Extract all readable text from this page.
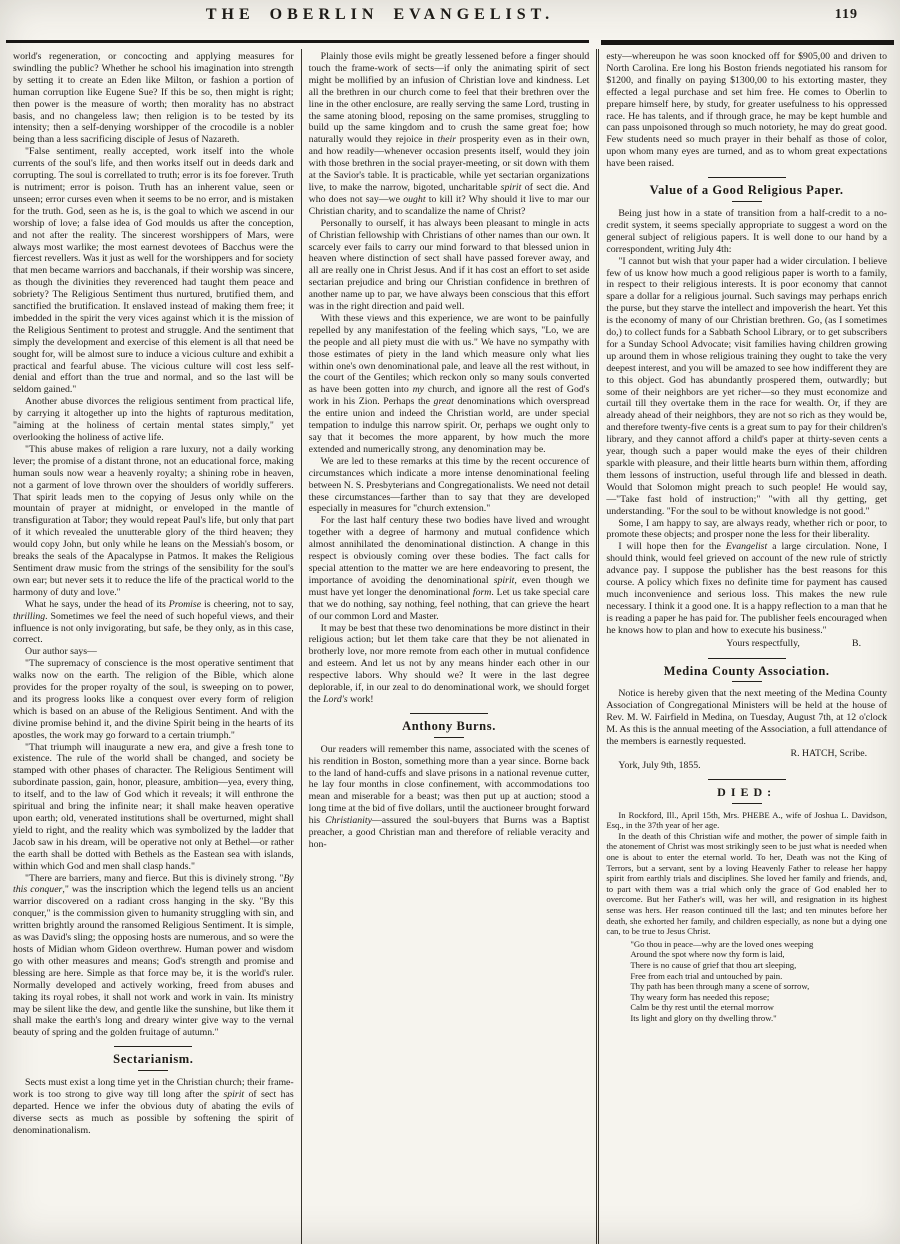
THE OBERLIN EVANGELIST.	119

world's regeneration, or concocting and applying measures for swindling the public? Whether he school his imagination into strength by setting it to create an Eden like Milton, or fashion a portion of human corruption like Eugene Sue? If this be so, then might is right; then power is the measure of worth; then morality has no abstract basis, and no changeless law; then religion is to be tested by its intensity; then a self-denying worshipper of the crocodile is a nobler being than a less sacrificing disciple of Jesus of Nazareth.

"False sentiment, really accepted, work itself into the whole currents of the soul's life, and then works itself out in deeds dark and corrupting. The soul is correllated to truth; error is its foe forever. Truth is nutriment; error is poison. Truth has an inherent value, seen or unseen; error curses even when it seems to be no error, and is mistaken for the truth. God, seen as he is, is the goal to which we ascend in our worship of love; a false idea of God moulds us after the conception, and not after the reality. The sincerest worshippers of Mars, were always most warlike; the most earnest devotees of Bacchus were the fiercest revellers. Was it just as well for the worshippers and for society that men became warriors and bacchanals, if their worship was sincere, as though the divinities they reverenced had taught them peace and sobriety? The Religious Sentiment thus nurtured, brutified them, and sanctified the brutification. It enslaved instead of making them free; it imbedded in the spirit the very vices against which it is the mission of the Religious Sentiment to protest and struggle. And the sentiment that simply the development and exercise of this element is all that need be sought for, will be almost sure to induce a vicious culture and exhibit a practical and fearful abuse. The vicious culture will cost less self-denial and effort than the true and normal, and so the last will be seldom gained."

Another abuse divorces the religious sentiment from practical life, by carrying it altogether up into the hights of rapturous meditation, "aiming at the holiness of certain mental states simply," yet overlooking the holiness of active life.

"This abuse makes of religion a rare luxury, not a daily working lever; the promise of a distant throne, not an educational force, making human souls now wear a heavenly royalty; a shining robe in heaven, not a garment of love thrown over the shoulders of worldly sufferers. That spirit leads men to the copying of Jesus only while on the mountain of prayer at midnight, or enveloped in the mantle of transfiguration at Tabor; they would repeat Paul's life, but only that part of it which revealed the unutterable glory of the third heaven; they would copy John, but only while he leans on the Messiah's bosom, or breaks the seals of the Apacalypse in Patmos. It makes the Religious Sentiment draw music from the strings of the sensibility for the soul's own ear; but never sets it to reduce the life of the practical world to the harmony of duty and love."

What he says, under the head of its Promise is cheering, not to say, thrilling. Sometimes we feel the need of such hopeful views, and their influence is not only invigorating, but safe, be they only, as in this case, correct.

Our author says—

"The supremacy of conscience is the most operative sentiment that walks now on the earth. The religion of the Bible, which alone provides for the proper royalty of the soul, is sweeping on to power, and its progress looks like a conquest over every form of religion which is based on an abuse of the Religious Sentiment. And with the divine promise behind it, and the divine Spirit being in the hearts of its apostles, the work may go forward to a certain triumph."

"That triumph will inaugurate a new era, and give a fresh tone to existence. The rule of the world shall be changed, and society be stamped with other phases of character. The Religious Sentiment will subordinate passion, gain, honor, pleasure, ambition—yea, every thing, to itself, and to the law of God which it reveals; it will enthrone the spiritual and bring the infinite near; it shall make heaven operative upon earth; old, venerated institutions shall be overturned, might shall yield to right, and the reality which was symbolized by the ladder that Jacob saw in his dream, will be operative not only at Bethel—or rather the earth shall be dotted with Bethels as the Eastean sea with islands, within which God and men shall clasp hands."

"There are barriers, many and fierce. But this is divinely strong. "By this conquer," was the inscription which the legend tells us an ancient warrior discovered on a radiant cross hanging in the sky. "By this conquer," is the commission given to humanity struggling with sin, and written brightly around the ransomed Religious Sentiment. It is simple, as was David's sling; the opposing hosts are numerous, and so were the hosts of Midian whom Gideon overthrew. Human power and wisdom go with other measures and means; God's strength and promise and blessing are here. Simple as that force may be, it is the world's ruler. Normally developed and actively working, freed from abuses and taking its royal robes, it shall not work and work in vain. Its ministry may be silent like the dew, and gentle like the sunshine, but like them it shall make the earth's long and dreary winter give way to the vernal beauty of spring and the golden fruitage of autumn."

Sectarianism.

Sects must exist a long time yet in the Christian church; their frame-work is too strong to give way till long after the spirit of sect has departed. Hence we infer the obvious duty of abating the evils of diverse sects as much as possible by softening the spirit of denominationalism.

Plainly those evils might be greatly lessened before a finger should touch the frame-work of sects—if only the animating spirit of sect might be mollified by an infusion of Christian love and kindness. Let all the brethren in our church come to feel that their brethren over the line in the other enclosure, are really serving the same Lord, trusting in the same atoning blood, reposing on the same promises, struggling to build up the same kingdom and to crush the same great foe; how naturally would they rejoice in their prosperity even as in their own, and how readily—whenever occasion presents itself, would they join with those brethren in the social prayer-meeting, or sit down with them at the Savior's table. It is practicable, while yet sectarian organizations live, to make the narrow, bigoted, uncharitable spirit of sect die. And who does not say—we ought to kill it? Why should it live to mar our Christian charity, and to scandalize the name of Christ?

Personally to ourself, it has always been pleasant to mingle in acts of Christian fellowship with Christians of other names than our own. It scarcely ever fails to carry our mind forward to that blessed union in heaven where distinction of sect shall have passed forever away, and all are really one in Christ Jesus. And if it has cost an effort to set aside sectarian prejudice and bring our Christian confidence in brethren of another name up to par, we have always been conscious that this effort was in the right direction and paid well.

With these views and this experience, we are wont to be painfully repelled by any manifestation of the feeling which says, "Lo, we are the people and all piety must die with us." We have no sympathy with those estimates of piety in the land which measure only what lies within one's own denominational pale, and leave all the rest without, in the court of the Gentiles; which reckon only so many souls converted as have been gotten into my church, and ignore all the rest of God's work in his Zion. Perhaps the great denominations which overspread the entire union and indeed the Christian world, are under special tempation to indulge this narrow spirit. Or, perhaps we ought only to say that it becomes the more apparent, by how much the more extended and numerically strong, any denomination may be.

We are led to these remarks at this time by the recent occurence of circumstances which indicate a more intense denominational feeling between N. S. Presbyterians and Congregationalists. We need not detail these circumstances—farther than to say that they are developed especially in measures for "church extension."

For the last half century these two bodies have lived and wrought together with a degree of harmony and mutual confidence which almost annihilated the denominational distinction. A change in this respect is obviously coming over these bodies. The fact calls for special attention to the matter we are here endeavoring to present, the importance of avoiding the denominational spirit, even though we must have yet longer the denominational form. Let us take special care that we do nothing, say nothing, feel nothing, that can grieve the heart of our common Lord and Master.

It may be best that these two denominations be more distinct in their religious action; but let them take care that they be not alienated in brotherly love, nor more remote from each other in mutual confidence and esteem. And let us not by any means hinder each other in our respective labors. Why should we? It were in the last degree deplorable, if, in our zeal to do denominational work, we should forget the Lord's work!

Anthony Burns.

Our readers will remember this name, associated with the scenes of his rendition in Boston, something more than a year since. Borne back to the land of hand-cuffs and slave prisons in a national revenue cutter, he lay four months in close confinement, with accommodations too mean and miserable for a beast; was then put up at auction; stood a long time at the bid of five dollars, until the auctioneer brought forward his Christianity—assured the soul-buyers that Burns was a Baptist preacher, a good Christian man and therefore of reliable veracity and hon-

esty—whereupon he was soon knocked off for $905,00 and driven to North Carolina. Ere long his Boston friends negotiated his ransom for $1200, and finally on paying $1300,00 to his extorting master, they effected a legal purchase and set him free. He comes to Oberlin to prepare himself here, by study, for greater usefulness to his oppressed race. He has talents, and if through grace, he may be kept humble and can pass unpoisoned through so much notoriety, he may do great good. Few students need so much prayer in their behalf as those of color, upon whom many eyes are turned, and as to whom great expectations have been raised.

Value of a Good Religious Paper.

Being just how in a state of transition from a half-credit to a no-credit system, it seems specially appropriate to suggest a word on the general subject of religious papers. It is well done to our hand by a correspondent, writing July 4th:

"I cannot but wish that your paper had a wider circulation. I believe few of us know how much a good religious paper is worth to a family, in respect to their religious interests. It is poor economy that cannot spare a dollar for a religious journal. Such savings may perhaps enrich the purse, but they starve the intellect and impoverish the heart. Yet this is the economy of many of our Christian brethren. Go, (as I sometimes do,) to collect funds for a Sabbath School Library, or to get subscribers for a Sunday School Advocate; visit families having children growing up around them in whose religious training they ought to take the very deepest interest, and you will be amazed to see how indifferent they are to this object. God has abundantly prospered them, outwardly; but some of their neighbors are yet richer—so they must economize and curtail till they overtake them in the race for wealth. Or, if they are already ahead of their neighbors, they are not so rich as they would be, and therefore twenty-five cents is a great sum to pay for their children's library, and they cannot afford a child's paper at thirty-seven cents a year, though such a paper would make the eyes of their children sparkle with pleasure, and their little hearts burn within them, affording them lessons of instruction, useful through life and blessed in death. Would that Solomon might preach to such people! He would say,—"Take fast hold of instruction;" "with all thy getting, get understanding. "For the soul to be without knowledge is not good."

Some, I am happy to say, are always ready, whether rich or poor, to promote these objects; and prosper none the less for their liberality.

I will hope then for the Evangelist a large circulation. None, I should think, would feel grieved on account of the new rule of strictly advance pay. I suppose the publisher has the best reasons for this course. A policy which fixes no definite time for payment has caused much inconvenience and serious loss. This makes the new rule necessary. I think it a good one. It is a happy reflection to a man that he is reading a paper he has paid for. The publisher feels encouraged when he knows how to plan and how to execute his business."

Yours respectfully,	B.
Medina County Association.

Notice is hereby given that the next meeting of the Medina County Association of Congregational Ministers will be held at the house of Rev. M. W. Fairfield in Medina, on Tuesday, August 7th, at 12 o'clock M. As this is the annual meeting of the Association, a full attendance of the members is earnestly requested.

R. HATCH, Scribe.

York, July 9th, 1855.

DIED:

In Rockford, Ill., April 15th, Mrs. PHEBE A., wife of Joshua L. Davidson, Esq., in the 37th year of her age.

In the death of this Christian wife and mother, the power of simple faith in the atonement of Christ was most strikingly seen to be just what is needed when one is about to enter the eternal world. To her, Death was not the King of Terrors, but a servant, sent by a loving Heavenly Father to release her happy spirit from earthly trials and disciplines. She loved her family and friends, and, to part with them was a trial which only the grace of God enabled her to overcome. But her Father's will, was her will, and resignation in its highest sense was hers. Her reason continued till the last; and ten minutes before her death, she exhorted her family, and children especially, as none but a dying one can, to be true to Jesus Christ.

"Go thou in peace—why are the loved ones weeping
Around the spot where now thy form is laid,
There is no cause of grief that thou art sleeping,
Free from each trial and untouched by pain.
Thy path has been through many a scene of sorrow,
Thy weary form has needed this repose;
Calm be thy rest until the eternal morrow
Its light and glory on thy dwelling throw."
